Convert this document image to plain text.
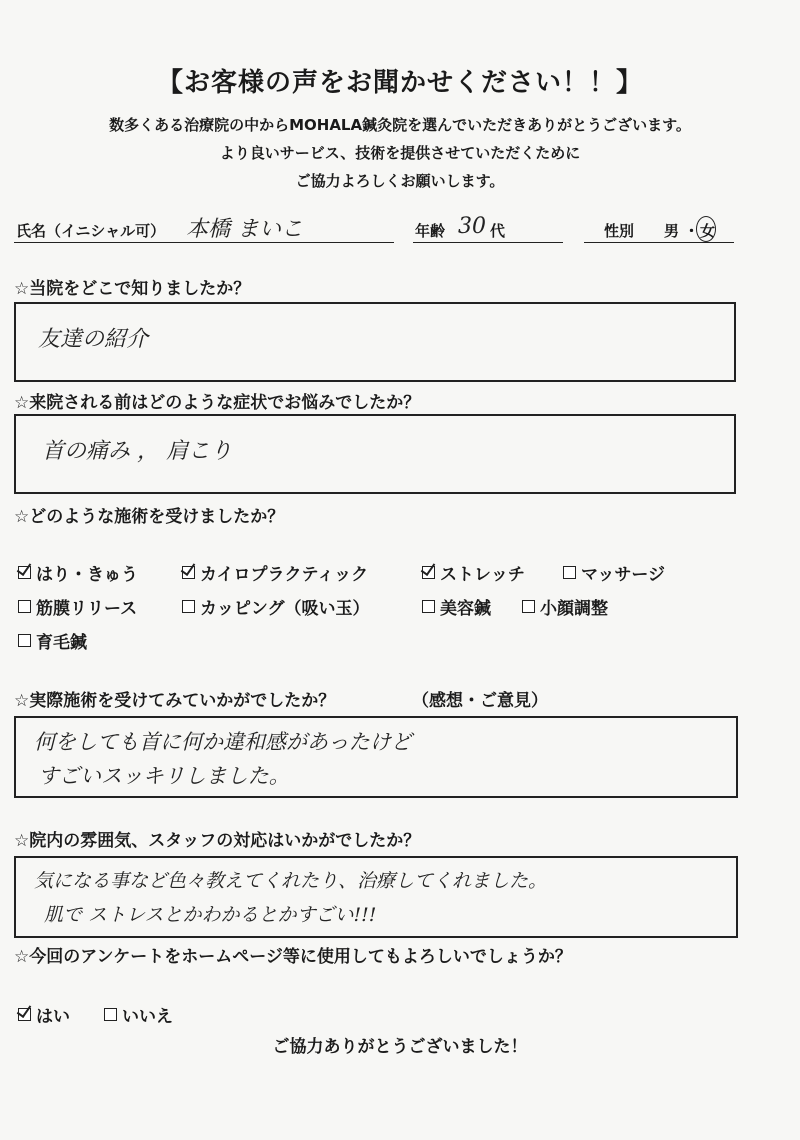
【お客様の声をお聞かせください！！】
数多くある治療院の中からMOHALA鍼灸院を選んでいただきありがとうございます。
より良いサービス、技術を提供させていただくために
ご協力よろしくお願いします。
氏名（イニシャル可） 本橋 まいこ	年齢 30 代	性別 男 ・ 女
☆当院をどこで知りましたか？
友達の紹介
☆来院される前はどのような症状でお悩みでしたか？
首の痛み ， 肩こり
☆どのような施術を受けましたか？
はり・きゅう	カイロプラクティック	ストレッチ	マッサージ
筋膜リリース	カッピング（吸い玉）	美容鍼	小顔調整
育毛鍼
☆実際施術を受けてみていかがでしたか？	（感想・ご意見）
何をしても首に何か違和感があったけど
すごいスッキリしました。
☆院内の雰囲気、スタッフの対応はいかがでしたか？
気になる事など色々教えてくれたり、治療してくれました。
肌で ストレスとかわかるとかすごい!!!
☆今回のアンケートをホームページ等に使用してもよろしいでしょうか？
はい	いいえ
ご協力ありがとうございました！
